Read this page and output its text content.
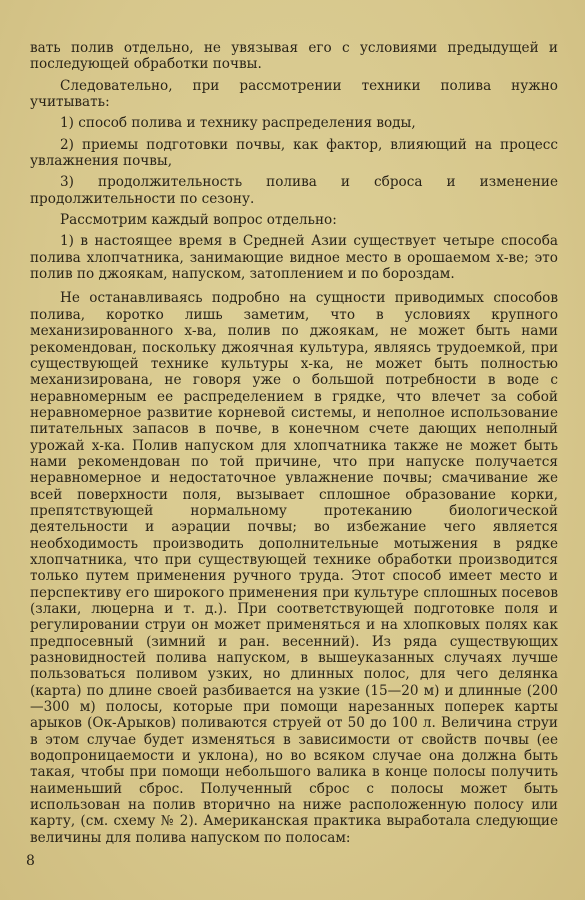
вать полив отдельно, не увязывая его с условиями предыдущей и последующей обработки почвы.

Следовательно, при рассмотрении техники полива нужно учитывать:

1) способ полива и технику распределения воды,

2) приемы подготовки почвы, как фактор, влияющий на процесс увлажнения почвы,

3) продолжительность полива и сброса и изменение продолжительности по сезону.

Рассмотрим каждый вопрос отдельно:

1) в настоящее время в Средней Азии существует четыре способа полива хлопчатника, занимающие видное место в орошаемом х-ве; это полив по джоякам, напуском, затоплением и по бороздам.

Не останавливаясь подробно на сущности приводимых способов полива, коротко лишь заметим, что в условиях крупного механизированного х-ва, полив по джоякам, не может быть нами рекомендован, поскольку джоячная культура, являясь трудоемкой, при существующей технике культуры х-ка, не может быть полностью механизирована, не говоря уже о большой потребности в воде с неравномерным ее распределением в грядке, что влечет за собой неравномерное развитие корневой системы, и неполное использование питательных запасов в почве, в конечном счете дающих неполный урожай х-ка. Полив напуском для хлопчатника также не может быть нами рекомендован по той причине, что при напуске получается неравномерное и недостаточное увлажнение почвы; смачивание же всей поверхности поля, вызывает сплошное образование корки, препятствующей нормальному протеканию биологической деятельности и аэрации почвы; во избежание чего является необходимость производить дополнительные мотыжения в рядке хлопчатника, что при существующей технике обработки производится только путем применения ручного труда. Этот способ имеет место и перспективу его широкого применения при культуре сплошных посевов (злаки, люцерна и т. д.). При соответствующей подготовке поля и регулировании струи он может применяться и на хлопковых полях как предпосевный (зимний и ран. весенний). Из ряда существующих разновидностей полива напуском, в вышеуказанных случаях лучше пользоваться поливом узких, но длинных полос, для чего делянка (карта) по длине своей разбивается на узкие (15—20 м) и длинные (200—300 м) полосы, которые при помощи нарезанных поперек карты арыков (Ок-Арыков) поливаются струей от 50 до 100 л. Величина струи в этом случае будет изменяться в зависимости от свойств почвы (ее водопроницаемости и уклона), но во всяком случае она должна быть такая, чтобы при помощи небольшого валика в конце полосы получить наименьший сброс. Полученный сброс с полосы может быть использован на полив вторично на ниже расположенную полосу или карту, (см. схему № 2). Американская практика выработала следующие величины для полива напуском по полосам:

8
